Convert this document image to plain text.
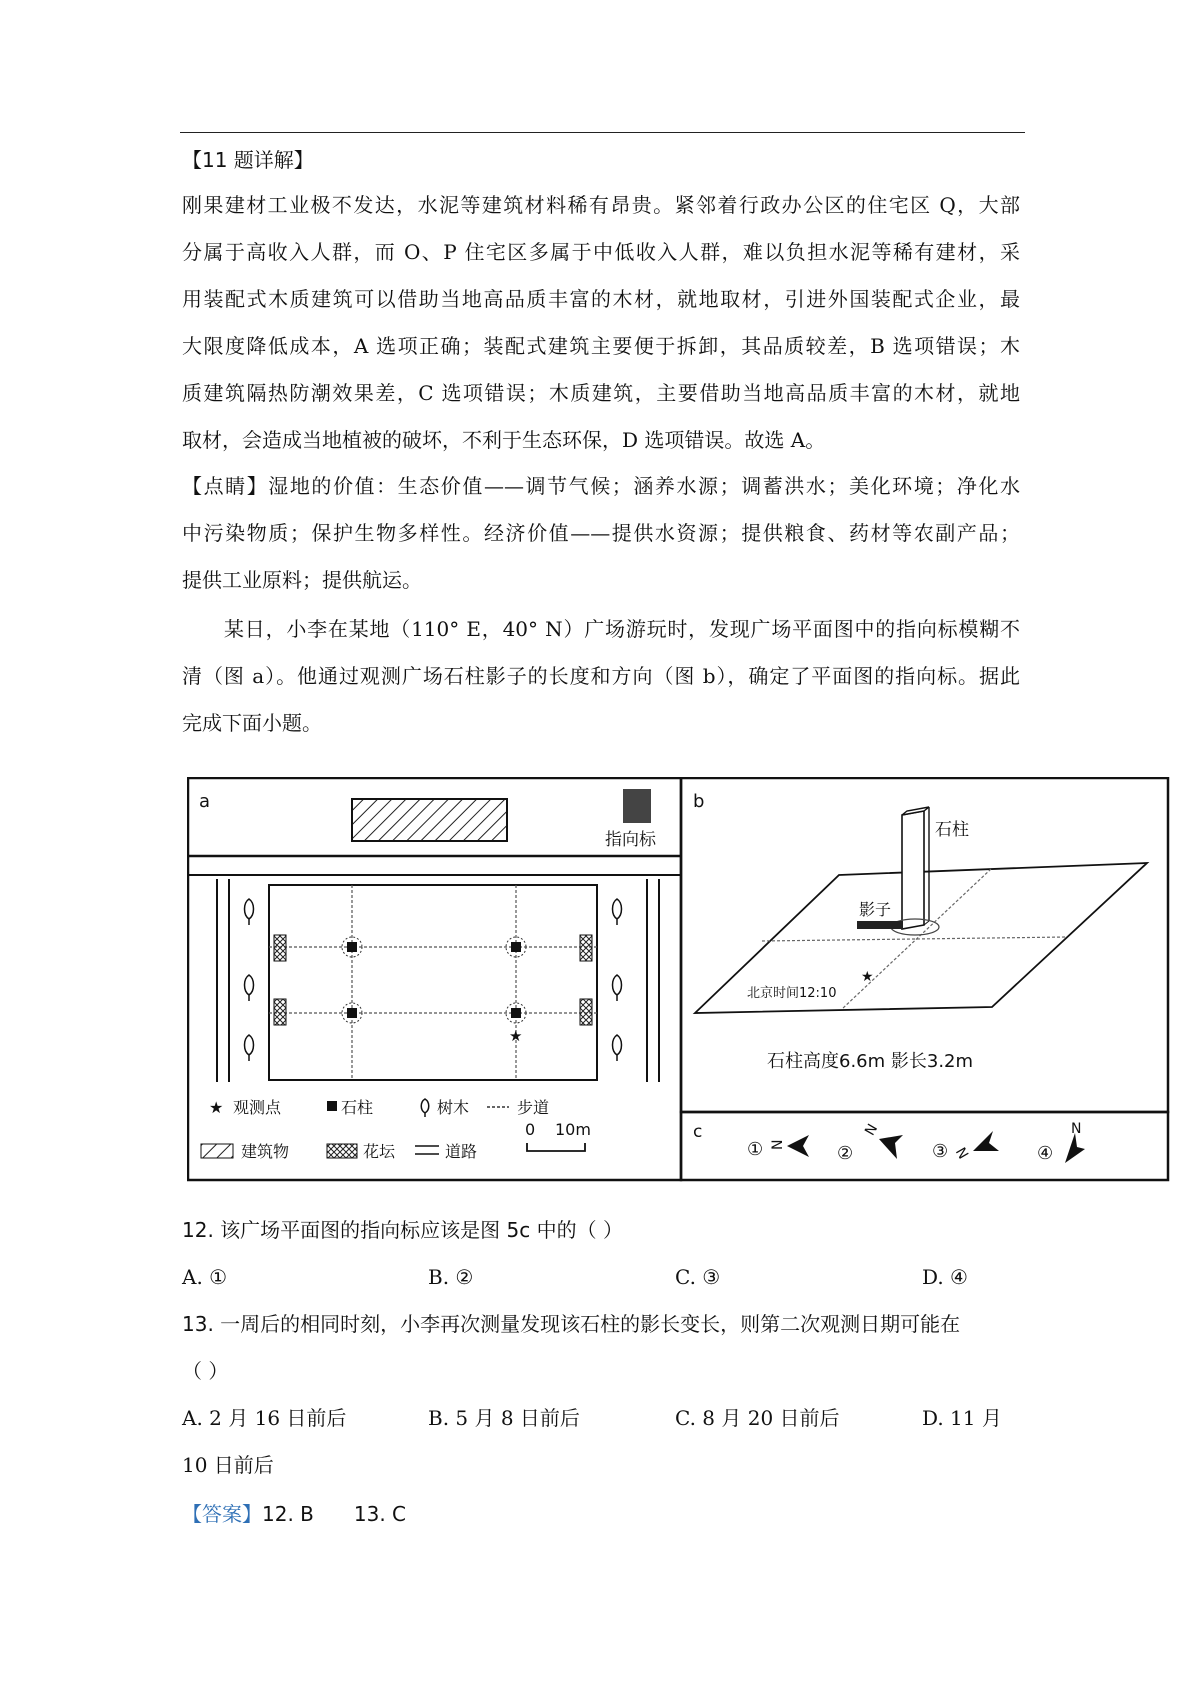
【11 题详解】
刚果建材工业极不发达，水泥等建筑材料稀有昂贵。紧邻着行政办公区的住宅区 Q，大部
分属于高收入人群，而 O、P 住宅区多属于中低收入人群，难以负担水泥等稀有建材，采
用装配式木质建筑可以借助当地高品质丰富的木材，就地取材，引进外国装配式企业，最
大限度降低成本，A 选项正确；装配式建筑主要便于拆卸，其品质较差，B 选项错误；木
质建筑隔热防潮效果差，C 选项错误；木质建筑，主要借助当地高品质丰富的木材，就地
取材，会造成当地植被的破坏，不利于生态环保，D 选项错误。故选 A。
【点睛】湿地的价值：生态价值——调节气候；涵养水源；调蓄洪水；美化环境；净化水
中污染物质；保护生物多样性。经济价值——提供水资源；提供粮食、药材等农副产品；
提供工业原料；提供航运。
某日，小李在某地（110° E，40° N）广场游玩时，发现广场平面图中的指向标模糊不
清（图 a）。他通过观测广场石柱影子的长度和方向（图 b），确定了平面图的指向标。据此
完成下面小题。
a
指向标
★
★ 观测点	石柱	树木	步道
建筑物	花坛	道路
0 10m
b
石柱
影子
★
北京时间12:10
石柱高度6.6m 影长3.2m
c
① N	②
N
③ N	④
N
12. 该广场平面图的指向标应该是图 5c 中的（ ）
A. ①	B. ②	C. ③	D. ④
13. 一周后的相同时刻，小李再次测量发现该石柱的影长变长，则第二次观测日期可能在
（ ）
A. 2 月 16 日前后	B. 5 月 8 日前后	C. 8 月 20 日前后	D. 11 月
10 日前后
【答案】12. B 13. C
